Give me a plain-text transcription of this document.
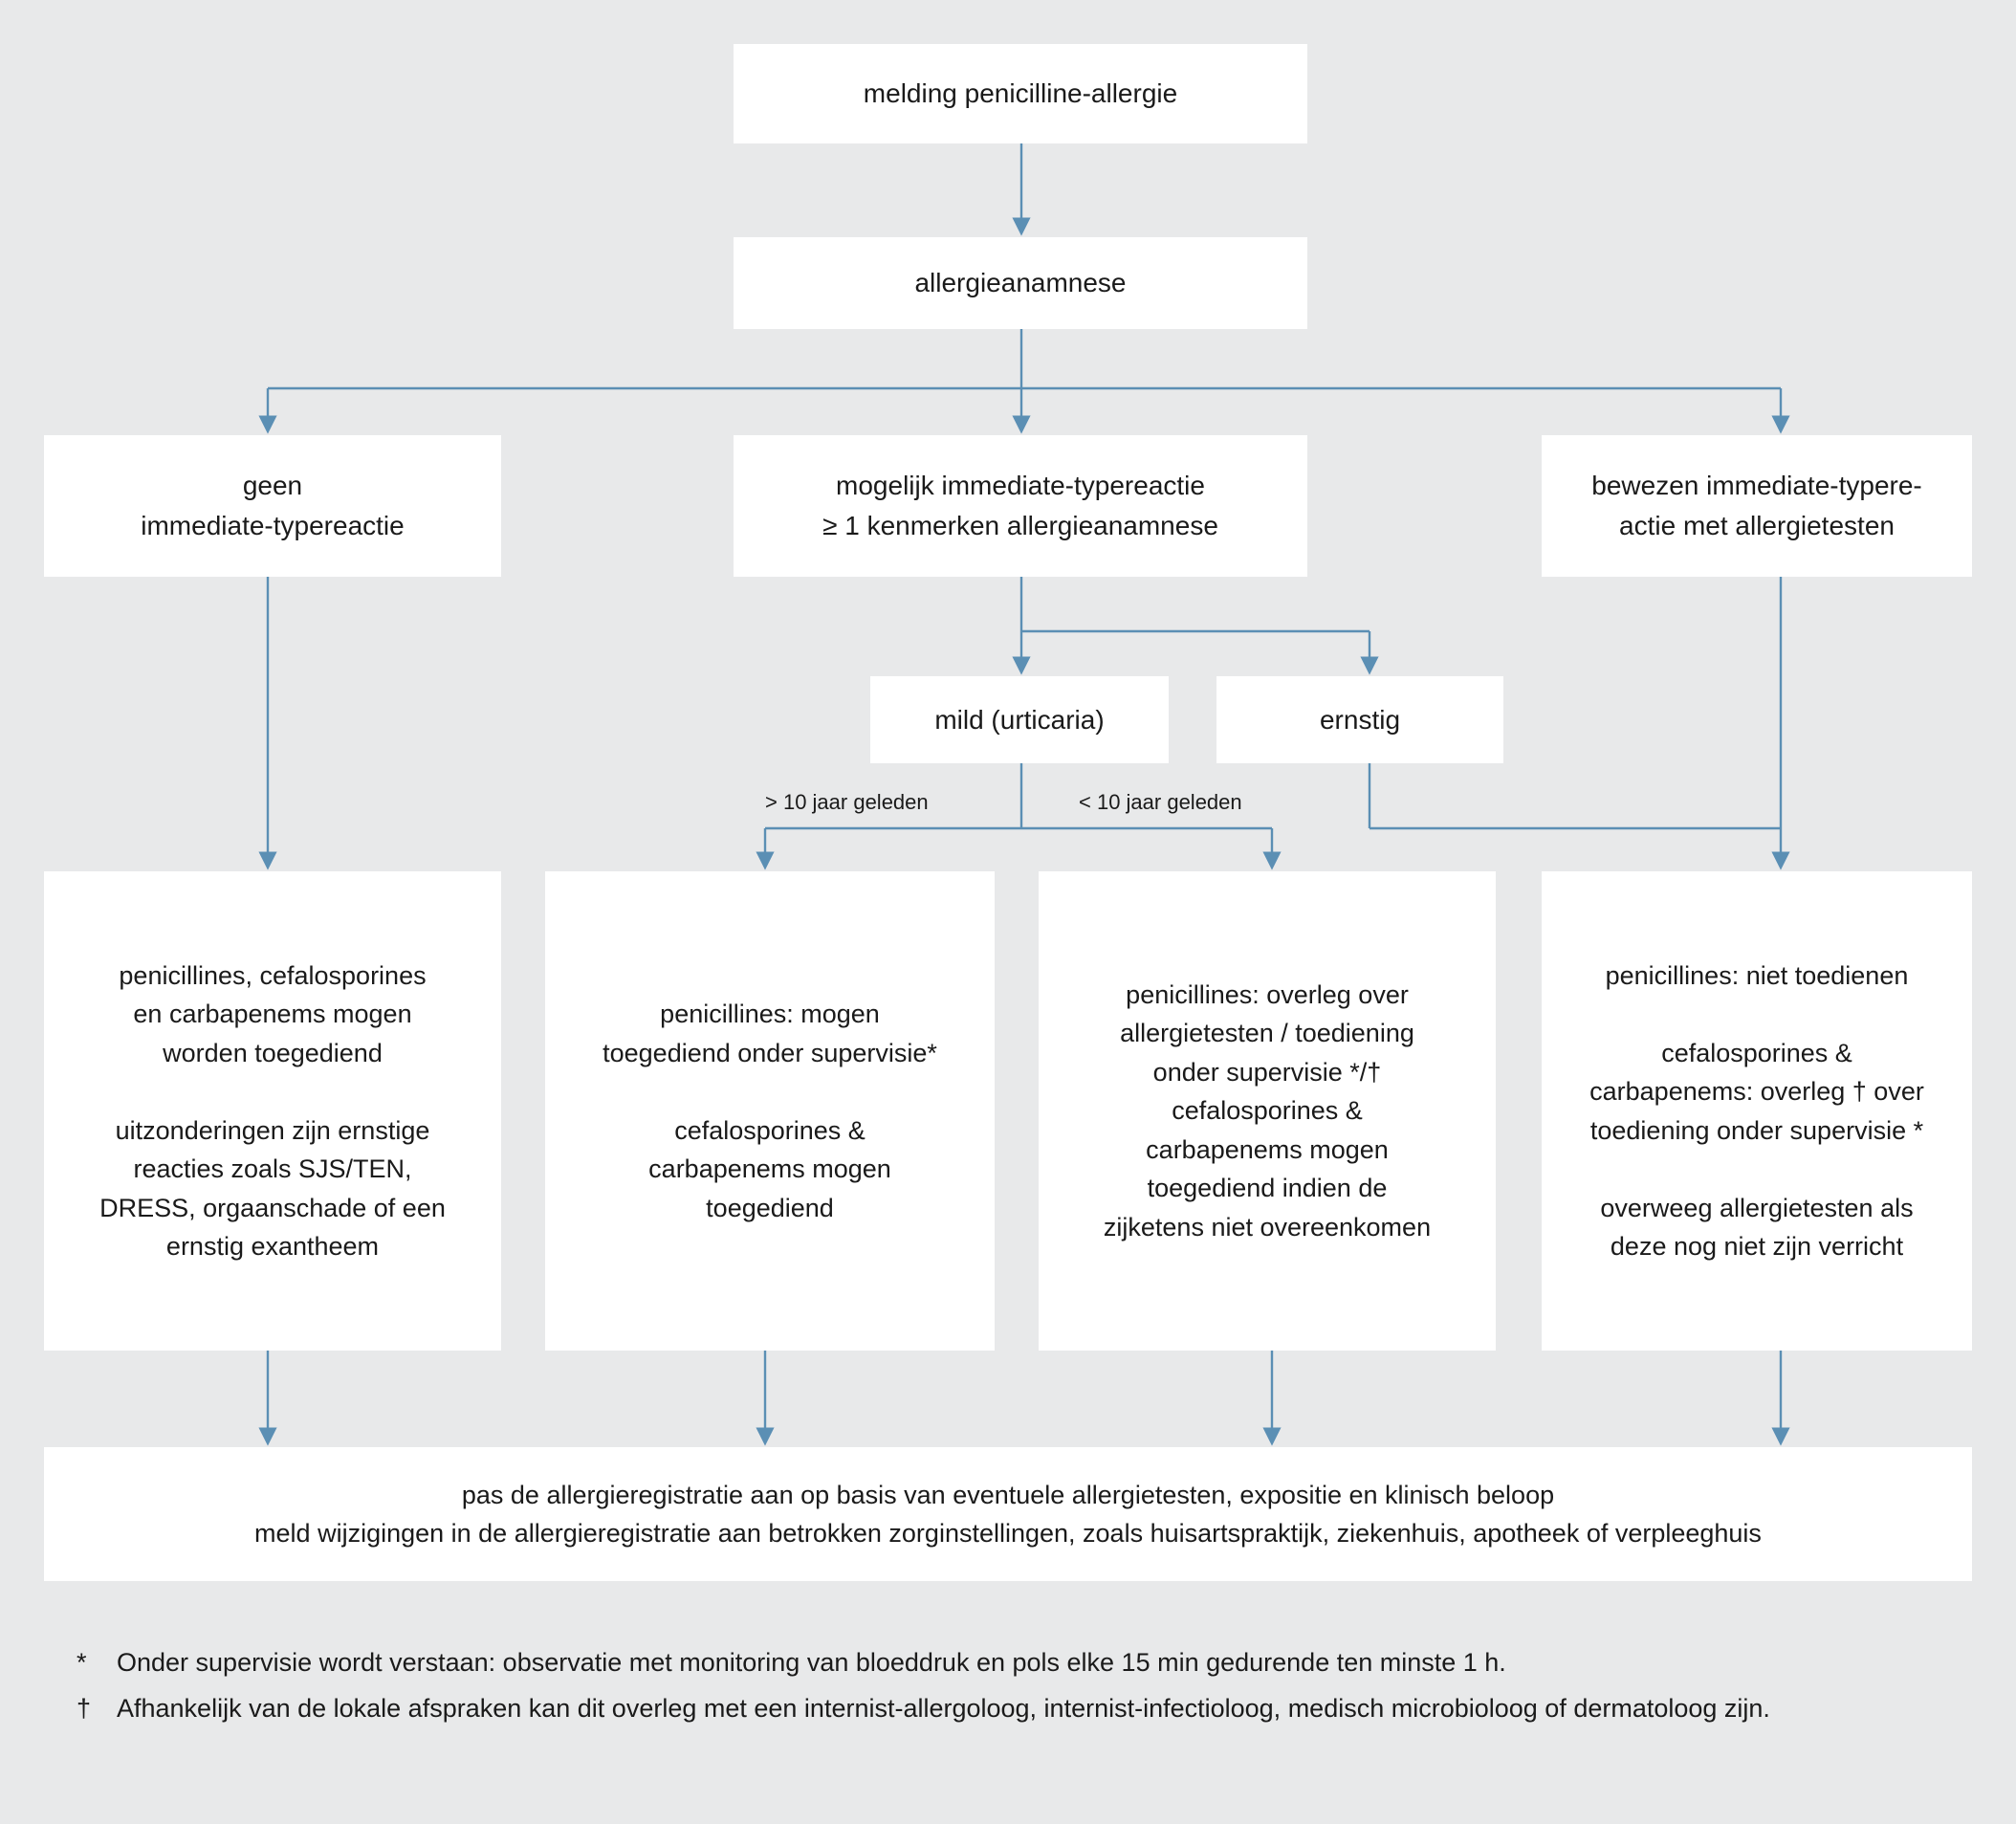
melding penicilline-allergie

allergieanamnese

geen

immediate-typereactie

mogelijk immediate-typereactie

≥ 1 kenmerken allergieanamnese

bewezen immediate-typere-

actie met allergietesten

mild (urticaria)	ernstig

> 10 jaar geleden	< 10 jaar geleden

penicillines, cefalosporines

en carbapenems mogen

worden toegediend

uitzonderingen zijn ernstige

reacties zoals SJS/TEN,

DRESS, orgaanschade of een

ernstig exantheem

penicillines: mogen

toegediend onder supervisie*

cefalosporines &

carbapenems mogen

toegediend

penicillines: overleg over

allergietesten / toediening

onder supervisie */†

cefalosporines &

carbapenems mogen

toegediend indien de

zijketens niet overeenkomen

penicillines: niet toedienen

cefalosporines &

carbapenems: overleg † over

toediening onder supervisie *

overweeg allergietesten als

deze nog niet zijn verricht

pas de allergieregistratie aan op basis van eventuele allergietesten, expositie en klinisch beloop

meld wijzigingen in de allergieregistratie aan betrokken zorginstellingen, zoals huisartspraktijk, ziekenhuis, apotheek of verpleeghuis

*	Onder supervisie wordt verstaan: observatie met monitoring van bloeddruk en pols elke 15 min gedurende ten minste 1 h.
† Afhankelijk van de lokale afspraken kan dit overleg met een internist-allergoloog, internist-infectioloog, medisch microbioloog of dermatoloog zijn.
